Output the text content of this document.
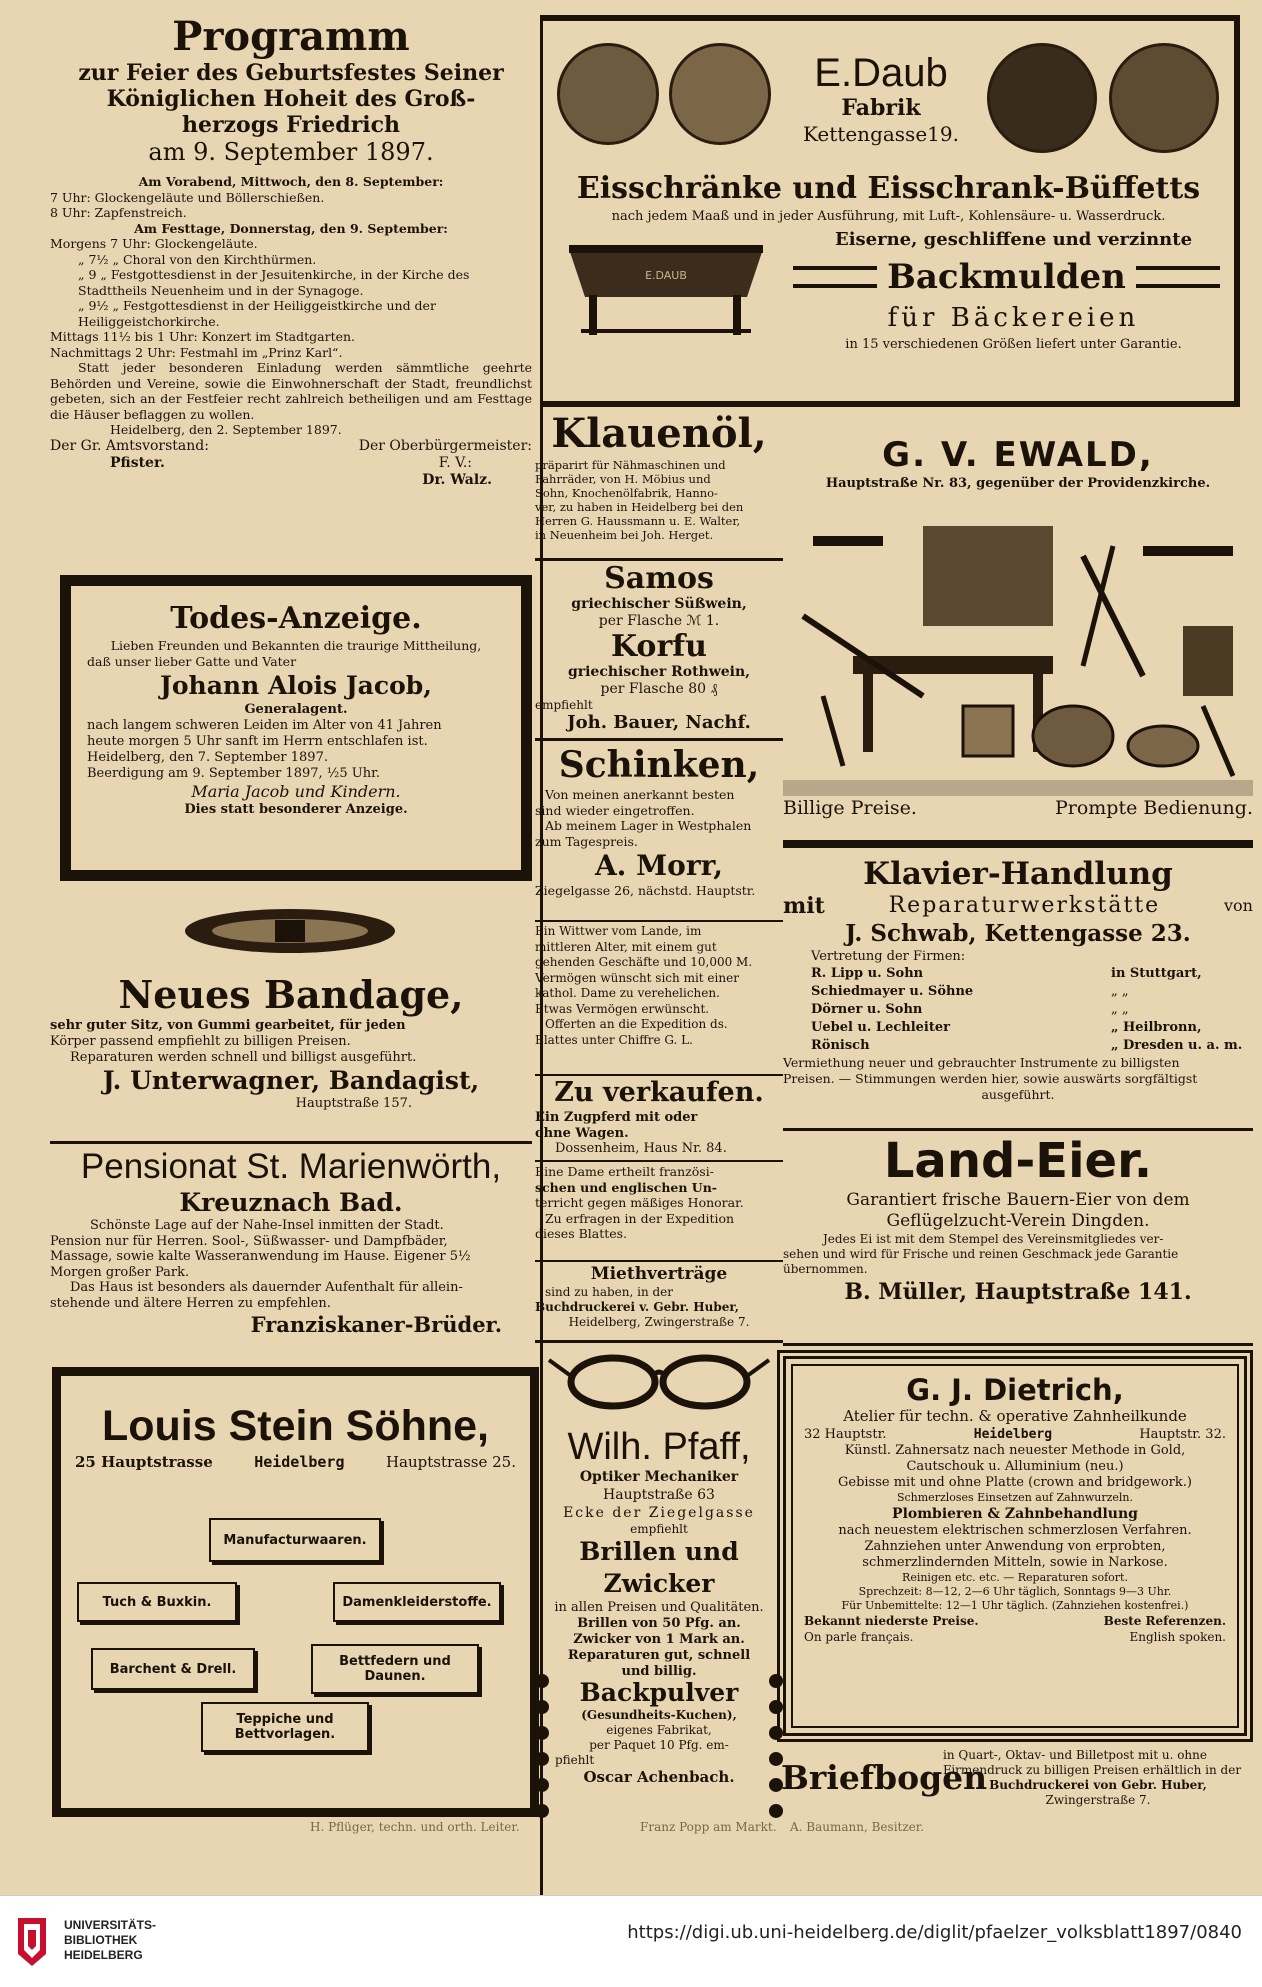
Programm
zur Feier des Geburtsfestes Seiner
Königlichen Hoheit des Groß-
herzogs Friedrich
am 9. September 1897.

Am Vorabend, Mittwoch, den 8. September:

7 Uhr: Glockengeläute und Böllerschießen.

8 Uhr: Zapfenstreich.

Am Festtage, Donnerstag, den 9. September:

Morgens 7 Uhr: Glockengeläute.

„ 7½ „ Choral von den Kirchthürmen.

„ 9 „ Festgottesdienst in der Jesuitenkirche, in der Kirche des Stadttheils Neuenheim und in der Synagoge.

„ 9½ „ Festgottesdienst in der Heiliggeistkirche und der Heiliggeistchorkirche.

Mittags 11½ bis 1 Uhr: Konzert im Stadtgarten.

Nachmittags 2 Uhr: Festmahl im „Prinz Karl“.

Statt jeder besonderen Einladung werden sämmtliche geehrte Behörden und Vereine, sowie die Einwohnerschaft der Stadt, freundlichst gebeten, sich an der Festfeier recht zahlreich betheiligen und am Festtage die Häuser beflaggen zu wollen.

Heidelberg, den 2. September 1897.

Der Gr. Amtsvorstand:	Der Oberbürgermeister:
Pfister.	F. V.:
Dr. Walz.
Todes-Anzeige.

Lieben Freunden und Bekannten die traurige Mittheilung,

daß unser lieber Gatte und Vater

Johann Alois Jacob,
Generalagent.

nach langem schweren Leiden im Alter von 41 Jahren

heute morgen 5 Uhr sanft im Herrn entschlafen ist.

Heidelberg, den 7. September 1897.

Beerdigung am 9. September 1897, ½5 Uhr.

Maria Jacob und Kindern.
Dies statt besonderer Anzeige.
Neues Bandage,

sehr guter Sitz, von Gummi gearbeitet, für jeden

Körper passend empfiehlt zu billigen Preisen.

Reparaturen werden schnell und billigst ausgeführt.

J. Unterwagner, Bandagist,
Hauptstraße 157.
Pensionat St. Marienwörth,
Kreuznach Bad.

Schönste Lage auf der Nahe-Insel inmitten der Stadt.

Pension nur für Herren. Sool-, Süßwasser- und Dampfbäder,

Massage, sowie kalte Wasseranwendung im Hause. Eigener 5½

Morgen großer Park.

Das Haus ist besonders als dauernder Aufenthalt für allein-

stehende und ältere Herren zu empfehlen.

Franziskaner-Brüder.
Louis Stein Söhne,
25 Hauptstrasse	Heidelberg	Hauptstrasse 25.
Manufacturwaaren.
Tuch & Buxkin.	Damenkleiderstoffe.
Barchent & Drell.	Bettfedern und Daunen.
Teppiche und Bettvorlagen.
E.Daub
Fabrik
Kettengasse19.
Eisschränke und Eisschrank-Büffetts
nach jedem Maaß und in jeder Ausführung, mit Luft-, Kohlensäure- u. Wasserdruck.
E.DAUB
Eiserne, geschliffene und verzinnte
Backmulden
für Bäckereien
in 15 verschiedenen Größen liefert unter Garantie.
Klauenöl,

präparirt für Nähmaschinen und

Fahrräder, von H. Möbius und

Sohn, Knochenölfabrik, Hanno-

ver, zu haben in Heidelberg bei den

Herren G. Haussmann u. E. Walter,

in Neuenheim bei Joh. Herget.

Samos
griechischer Süßwein,
per Flasche ℳ 1.
Korfu
griechischer Rothwein,
per Flasche 80 ₰

empfiehlt

Joh. Bauer, Nachf.
Schinken,

Von meinen anerkannt besten

sind wieder eingetroffen.

Ab meinem Lager in Westphalen

zum Tagespreis.

A. Morr,

Ziegelgasse 26, nächstd. Hauptstr.

Ein Wittwer vom Lande, im

mittleren Alter, mit einem gut

gehenden Geschäfte und 10,000 M.

Vermögen wünscht sich mit einer

kathol. Dame zu verehelichen.

Etwas Vermögen erwünscht.

Offerten an die Expedition ds.

Blattes unter Chiffre G. L.

Zu verkaufen.

Ein Zugpferd mit oder

ohne Wagen.

Dossenheim, Haus Nr. 84.

Eine Dame ertheilt französi-

schen und englischen Un-

terricht gegen mäßiges Honorar.

Zu erfragen in der Expedition

dieses Blattes.

Miethverträge

sind zu haben, in der

Buchdruckerei v. Gebr. Huber,

Heidelberg, Zwingerstraße 7.

Wilh. Pfaff,
Optiker Mechaniker
Hauptstraße 63
Ecke der Ziegelgasse
empfiehlt
Brillen und Zwicker
in allen Preisen und Qualitäten.
Brillen von 50 Pfg. an.
Zwicker von 1 Mark an.
Reparaturen gut, schnell
und billig.
Backpulver
(Gesundheits-Kuchen),
eigenes Fabrikat,
per Paquet 10 Pfg. em-
pfiehlt
Oscar Achenbach.
G. V. EWALD,
Hauptstraße Nr. 83, gegenüber der Providenzkirche.
Billige Preise.	Prompte Bedienung.
Klavier-Handlung
mit	Reparaturwerkstätte	von
J. Schwab, Kettengasse 23.

Vertretung der Firmen:

R. Lipp u. Sohn	in Stuttgart,
Schiedmayer u. Söhne	„ „
Dörner u. Sohn	„ „
Uebel u. Lechleiter	„ Heilbronn,
Rönisch	„ Dresden u. a. m.

Vermiethung neuer und gebrauchter Instrumente zu billigsten

Preisen. — Stimmungen werden hier, sowie auswärts sorgfältigst

ausgeführt.

Land-Eier.

Garantiert frische Bauern-Eier von dem

Geflügelzucht-Verein Dingden.

Jedes Ei ist mit dem Stempel des Vereinsmitgliedes ver-

sehen und wird für Frische und reinen Geschmack jede Garantie

übernommen.

B. Müller, Hauptstraße 141.
G. J. Dietrich,
Atelier für techn. & operative Zahnheilkunde
32 Hauptstr.	Heidelberg	Hauptstr. 32.

Künstl. Zahnersatz nach neuester Methode in Gold,

Cautschouk u. Alluminium (neu.)

Gebisse mit und ohne Platte (crown and bridgework.)

Schmerzloses Einsetzen auf Zahnwurzeln.

Plombieren & Zahnbehandlung

nach neuestem elektrischen schmerzlosen Verfahren.

Zahnziehen unter Anwendung von erprobten,

schmerzlindernden Mitteln, sowie in Narkose.

Reinigen etc. etc. — Reparaturen sofort.

Sprechzeit: 8—12, 2—6 Uhr täglich, Sonntags 9—3 Uhr.

Für Unbemittelte: 12—1 Uhr täglich. (Zahnziehen kostenfrei.)

Bekannt niederste Preise.	Beste Referenzen.
On parle français.	English spoken.
Briefbogen

in Quart-, Oktav- und Billetpost mit u. ohne

Firmendruck zu billigen Preisen erhältlich in der

Buchdruckerei von Gebr. Huber,

Zwingerstraße 7.

A. Baumann, Besitzer.
Franz Popp am Markt.
H. Pflüger, techn. und orth. Leiter.
UNIVERSITÄTS-
BIBLIOTHEK
HEIDELBERG
https://digi.ub.uni-heidelberg.de/diglit/pfaelzer_volksblatt1897/0840
